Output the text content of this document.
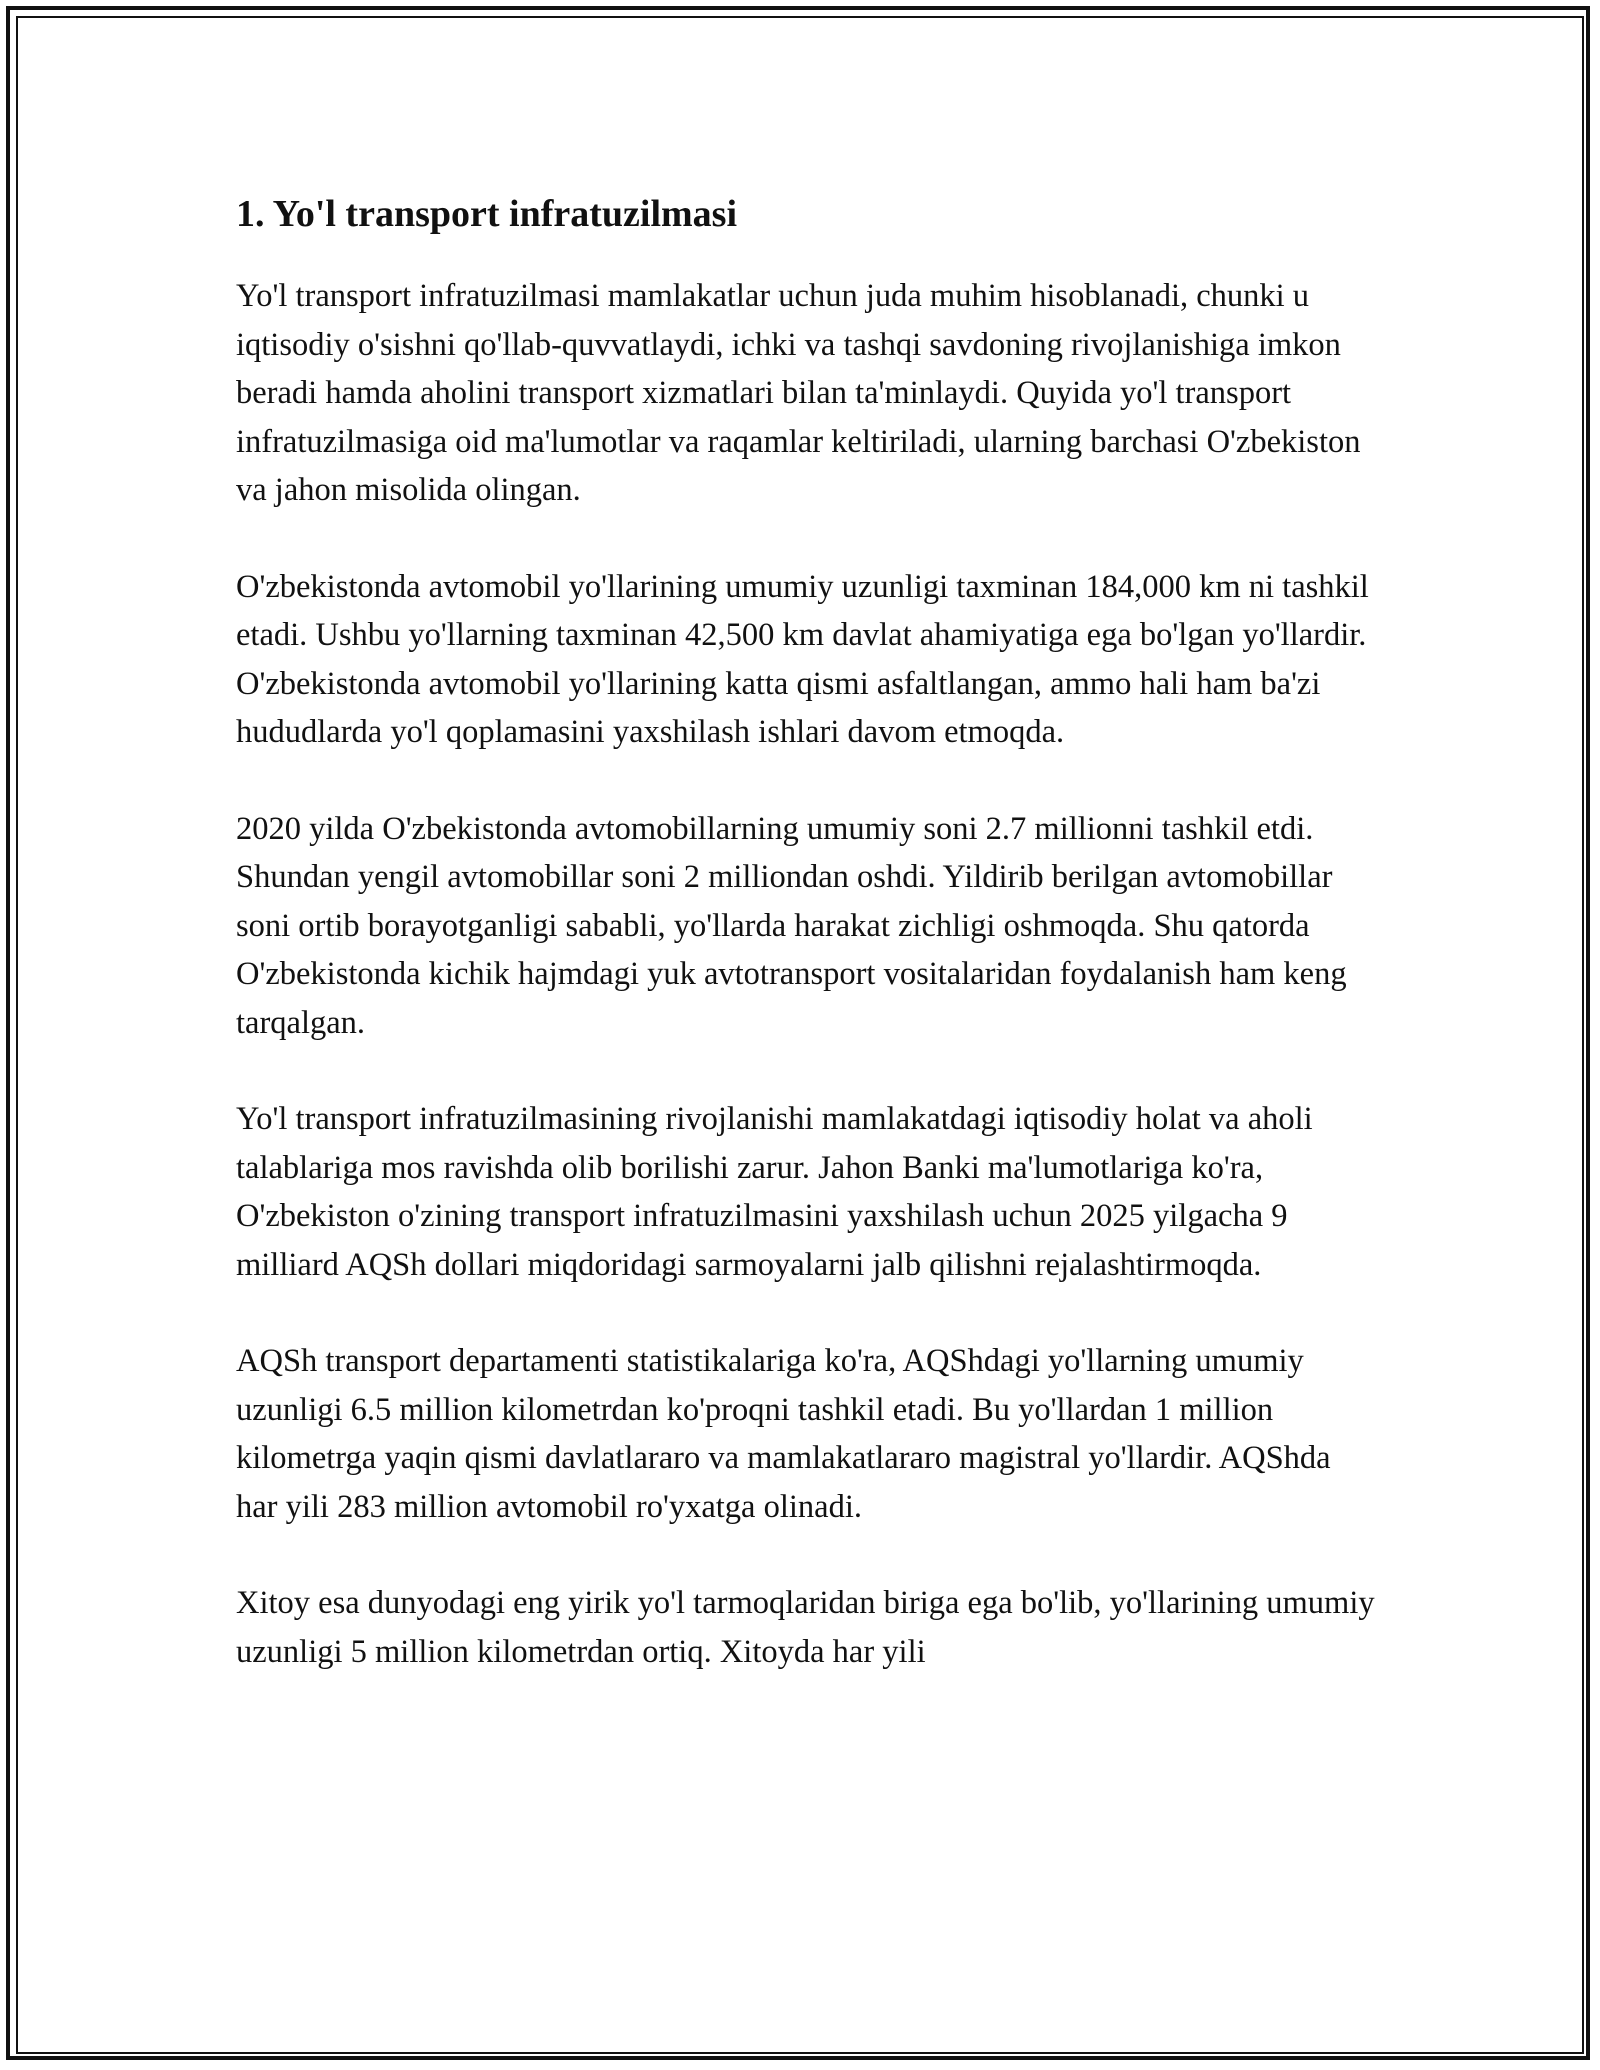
1. Yo'l transport infratuzilmasi

Yo'l transport infratuzilmasi mamlakatlar uchun juda muhim hisoblanadi, chunki u iqtisodiy o'sishni qo'llab-quvvatlaydi, ichki va tashqi savdoning rivojlanishiga imkon beradi hamda aholini transport xizmatlari bilan ta'minlaydi. Quyida yo'l transport infratuzilmasiga oid ma'lumotlar va raqamlar keltiriladi, ularning barchasi O'zbekiston va jahon misolida olingan.

O'zbekistonda avtomobil yo'llarining umumiy uzunligi taxminan 184,000 km ni tashkil etadi. Ushbu yo'llarning taxminan 42,500 km davlat ahamiyatiga ega bo'lgan yo'llardir. O'zbekistonda avtomobil yo'llarining katta qismi asfaltlangan, ammo hali ham ba'zi hududlarda yo'l qoplamasini yaxshilash ishlari davom etmoqda.

2020 yilda O'zbekistonda avtomobillarning umumiy soni 2.7 millionni tashkil etdi. Shundan yengil avtomobillar soni 2 milliondan oshdi. Yildirib berilgan avtomobillar soni ortib borayotganligi sababli, yo'llarda harakat zichligi oshmoqda. Shu qatorda O'zbekistonda kichik hajmdagi yuk avtotransport vositalaridan foydalanish ham keng tarqalgan.

Yo'l transport infratuzilmasining rivojlanishi mamlakatdagi iqtisodiy holat va aholi talablariga mos ravishda olib borilishi zarur. Jahon Banki ma'lumotlariga ko'ra, O'zbekiston o'zining transport infratuzilmasini yaxshilash uchun 2025 yilgacha 9 milliard AQSh dollari miqdoridagi sarmoyalarni jalb qilishni rejalashtirmoqda.

AQSh transport departamenti statistikalariga ko'ra, AQShdagi yo'llarning umumiy uzunligi 6.5 million kilometrdan ko'proqni tashkil etadi. Bu yo'llardan 1 million kilometrga yaqin qismi davlatlararo va mamlakatlararo magistral yo'llardir. AQShda har yili 283 million avtomobil ro'yxatga olinadi.

Xitoy esa dunyodagi eng yirik yo'l tarmoqlaridan biriga ega bo'lib, yo'llarining umumiy uzunligi 5 million kilometrdan ortiq. Xitoyda har yili
